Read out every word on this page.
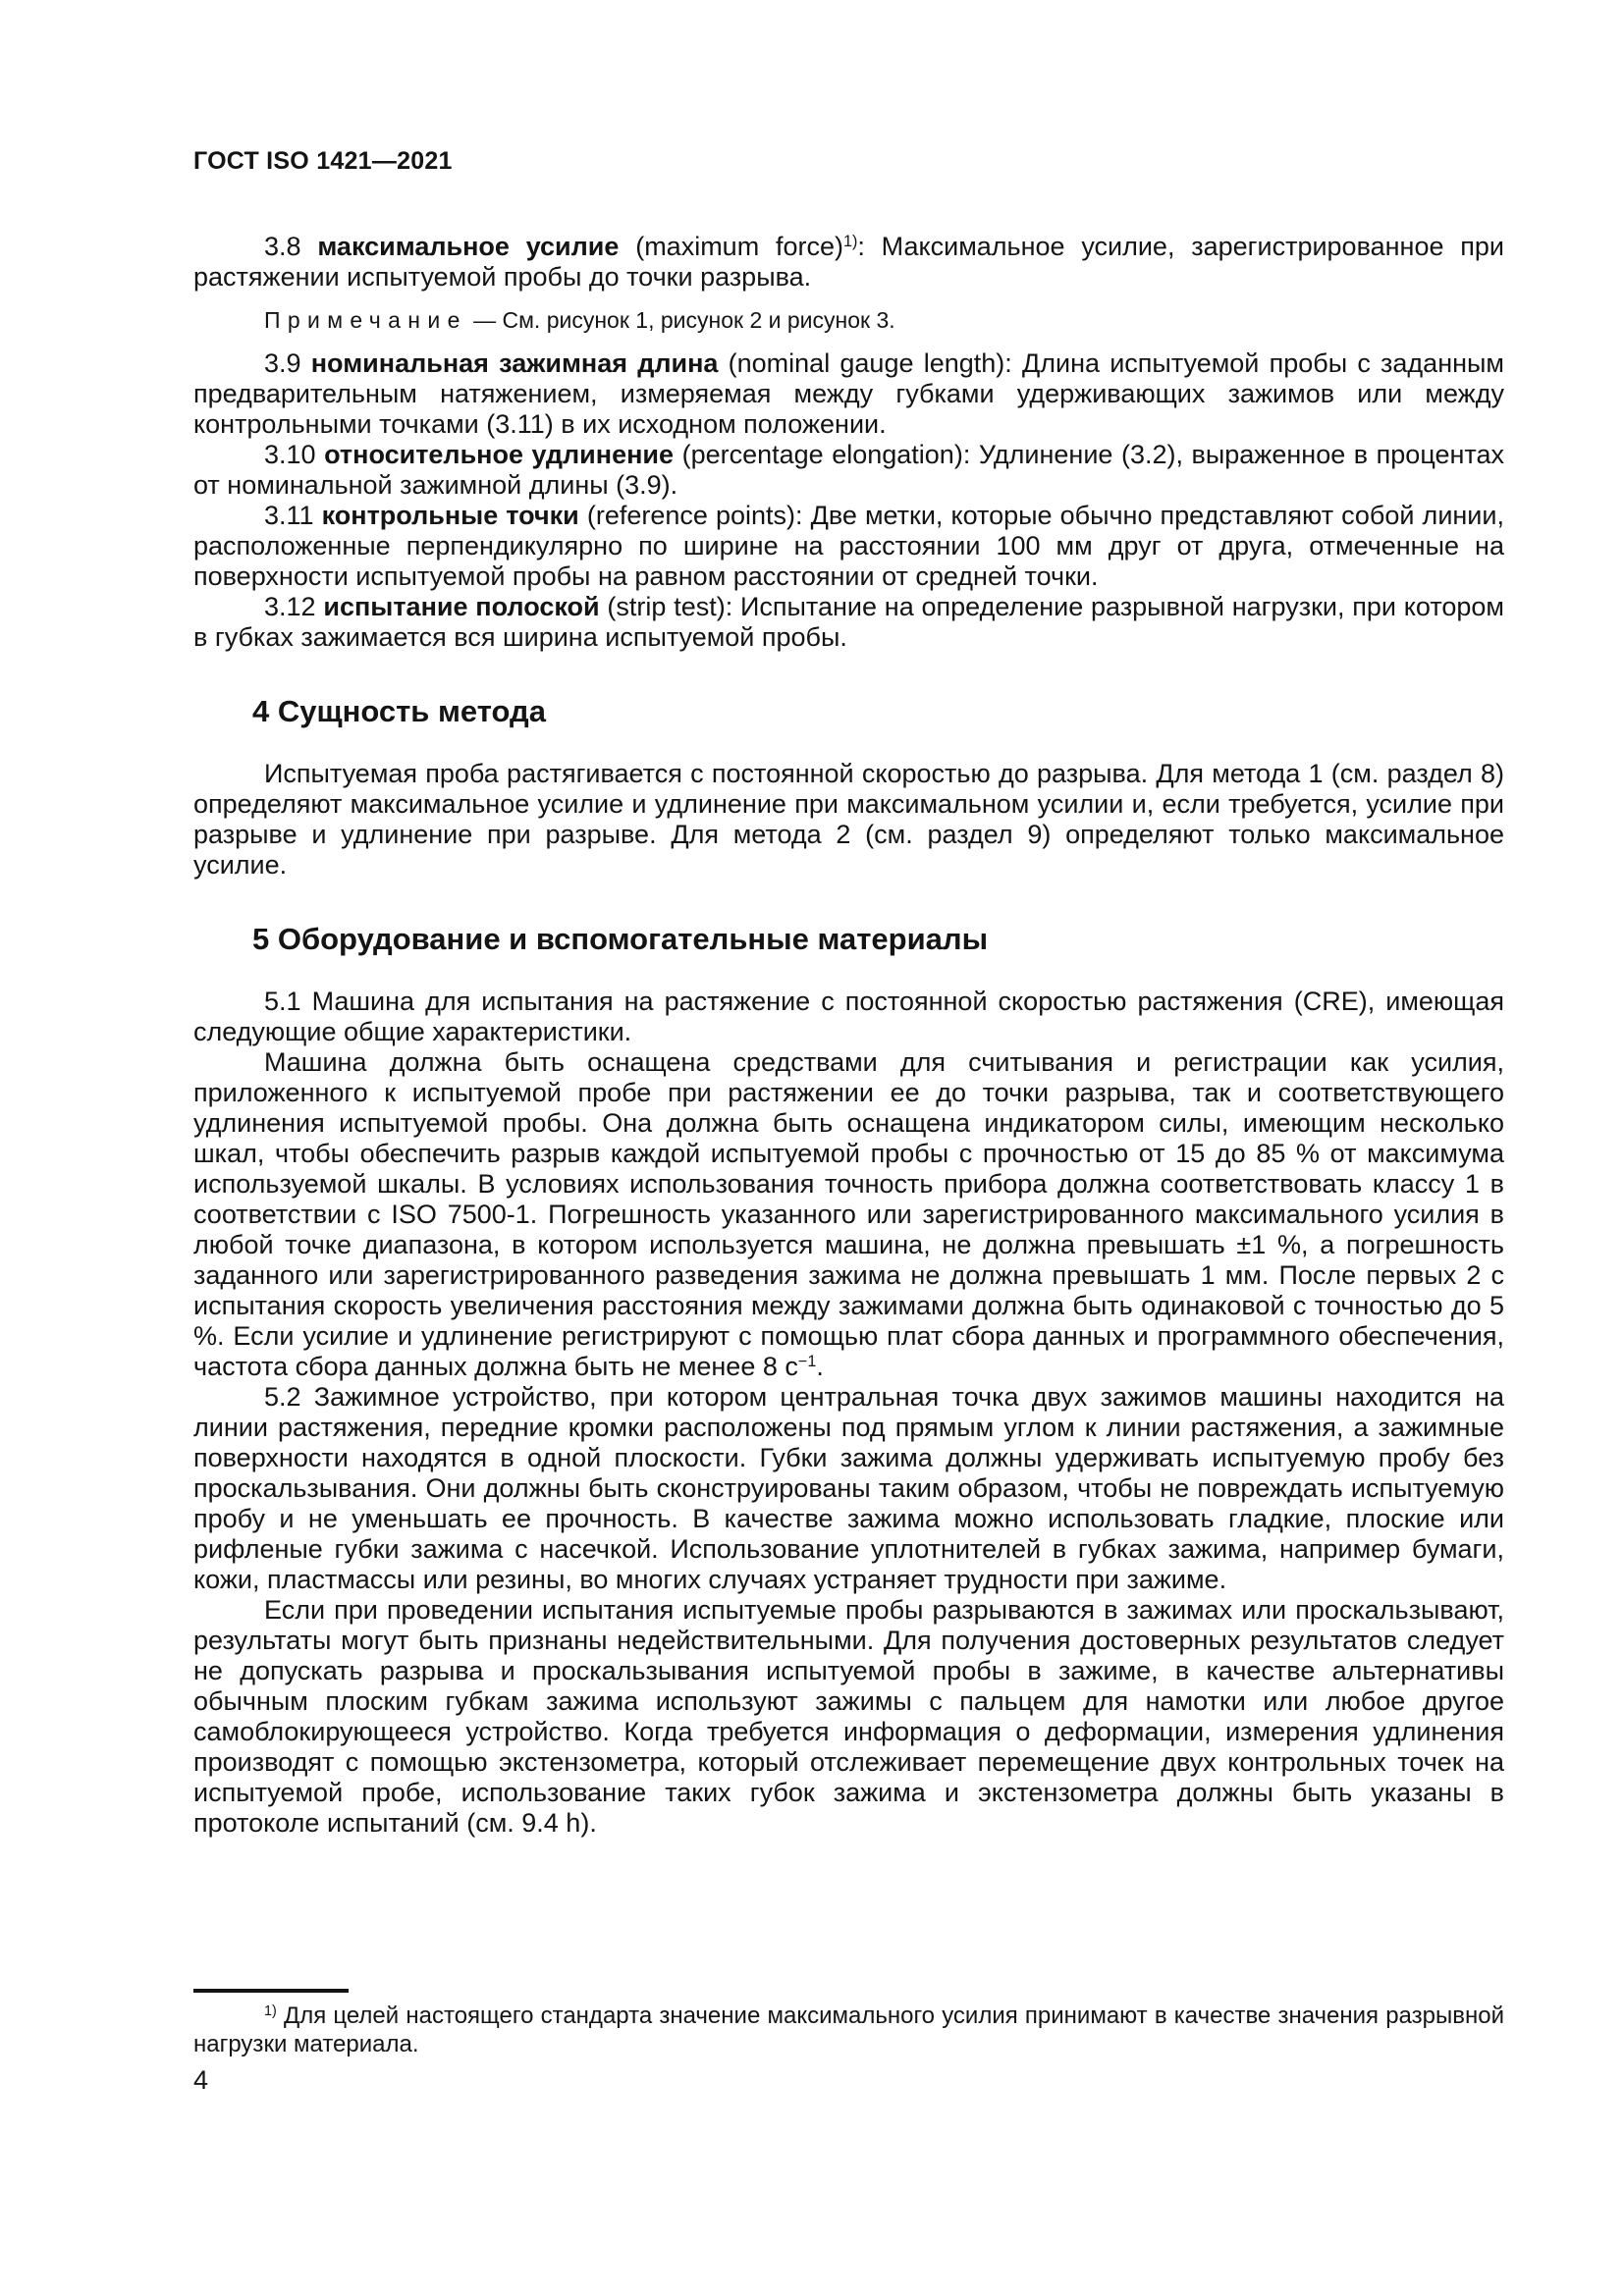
ГОСТ ISO 1421—2021

3.8 максимальное усилие (maximum force)$^{1)}$: Максимальное усилие, зарегистрированное при растяжении испытуемой пробы до точки разрыва.

Примечание — См. рисунок 1, рисунок 2 и рисунок 3.

3.9 номинальная зажимная длина (nominal gauge length): Длина испытуемой пробы с заданным предварительным натяжением, измеряемая между губками удерживающих зажимов или между контрольными точками (3.11) в их исходном положении.

3.10 относительное удлинение (percentage elongation): Удлинение (3.2), выраженное в процентах от номинальной зажимной длины (3.9).

3.11 контрольные точки (reference points): Две метки, которые обычно представляют собой линии, расположенные перпендикулярно по ширине на расстоянии 100 мм друг от друга, отмеченные на поверхности испытуемой пробы на равном расстоянии от средней точки.

3.12 испытание полоской (strip test): Испытание на определение разрывной нагрузки, при котором в губках зажимается вся ширина испытуемой пробы.

4 Сущность метода

Испытуемая проба растягивается с постоянной скоростью до разрыва. Для метода 1 (см. раздел 8) определяют максимальное усилие и удлинение при максимальном усилии и, если требуется, усилие при разрыве и удлинение при разрыве. Для метода 2 (см. раздел 9) определяют только максимальное усилие.

5 Оборудование и вспомогательные материалы

5.1 Машина для испытания на растяжение с постоянной скоростью растяжения (CRE), имеющая следующие общие характеристики.

Машина должна быть оснащена средствами для считывания и регистрации как усилия, приложенного к испытуемой пробе при растяжении ее до точки разрыва, так и соответствующего удлинения испытуемой пробы. Она должна быть оснащена индикатором силы, имеющим несколько шкал, чтобы обеспечить разрыв каждой испытуемой пробы с прочностью от 15 до 85 % от максимума используемой шкалы. В условиях использования точность прибора должна соответствовать классу 1 в соответствии с ISO 7500-1. Погрешность указанного или зарегистрированного максимального усилия в любой точке диапазона, в котором используется машина, не должна превышать ±1 %, а погрешность заданного или зарегистрированного разведения зажима не должна превышать 1 мм. После первых 2 с испытания скорость увеличения расстояния между зажимами должна быть одинаковой с точностью до 5 %. Если усилие и удлинение регистрируют с помощью плат сбора данных и программного обеспечения, частота сбора данных должна быть не менее 8 $с^{-1}$.

5.2 Зажимное устройство, при котором центральная точка двух зажимов машины находится на линии растяжения, передние кромки расположены под прямым углом к линии растяжения, а зажимные поверхности находятся в одной плоскости. Губки зажима должны удерживать испытуемую пробу без проскальзывания. Они должны быть сконструированы таким образом, чтобы не повреждать испытуемую пробу и не уменьшать ее прочность. В качестве зажима можно использовать гладкие, плоские или рифленые губки зажима с насечкой. Использование уплотнителей в губках зажима, например бумаги, кожи, пластмассы или резины, во многих случаях устраняет трудности при зажиме.

Если при проведении испытания испытуемые пробы разрываются в зажимах или проскальзывают, результаты могут быть признаны недействительными. Для получения достоверных результатов следует не допускать разрыва и проскальзывания испытуемой пробы в зажиме, в качестве альтернативы обычным плоским губкам зажима используют зажимы с пальцем для намотки или любое другое самоблокирующееся устройство. Когда требуется информация о деформации, измерения удлинения производят с помощью экстензометра, который отслеживает перемещение двух контрольных точек на испытуемой пробе, использование таких губок зажима и экстензометра должны быть указаны в протоколе испытаний (см. 9.4 h).

$^{1)}$ Для целей настоящего стандарта значение максимального усилия принимают в качестве значения разрывной нагрузки материала.

4
